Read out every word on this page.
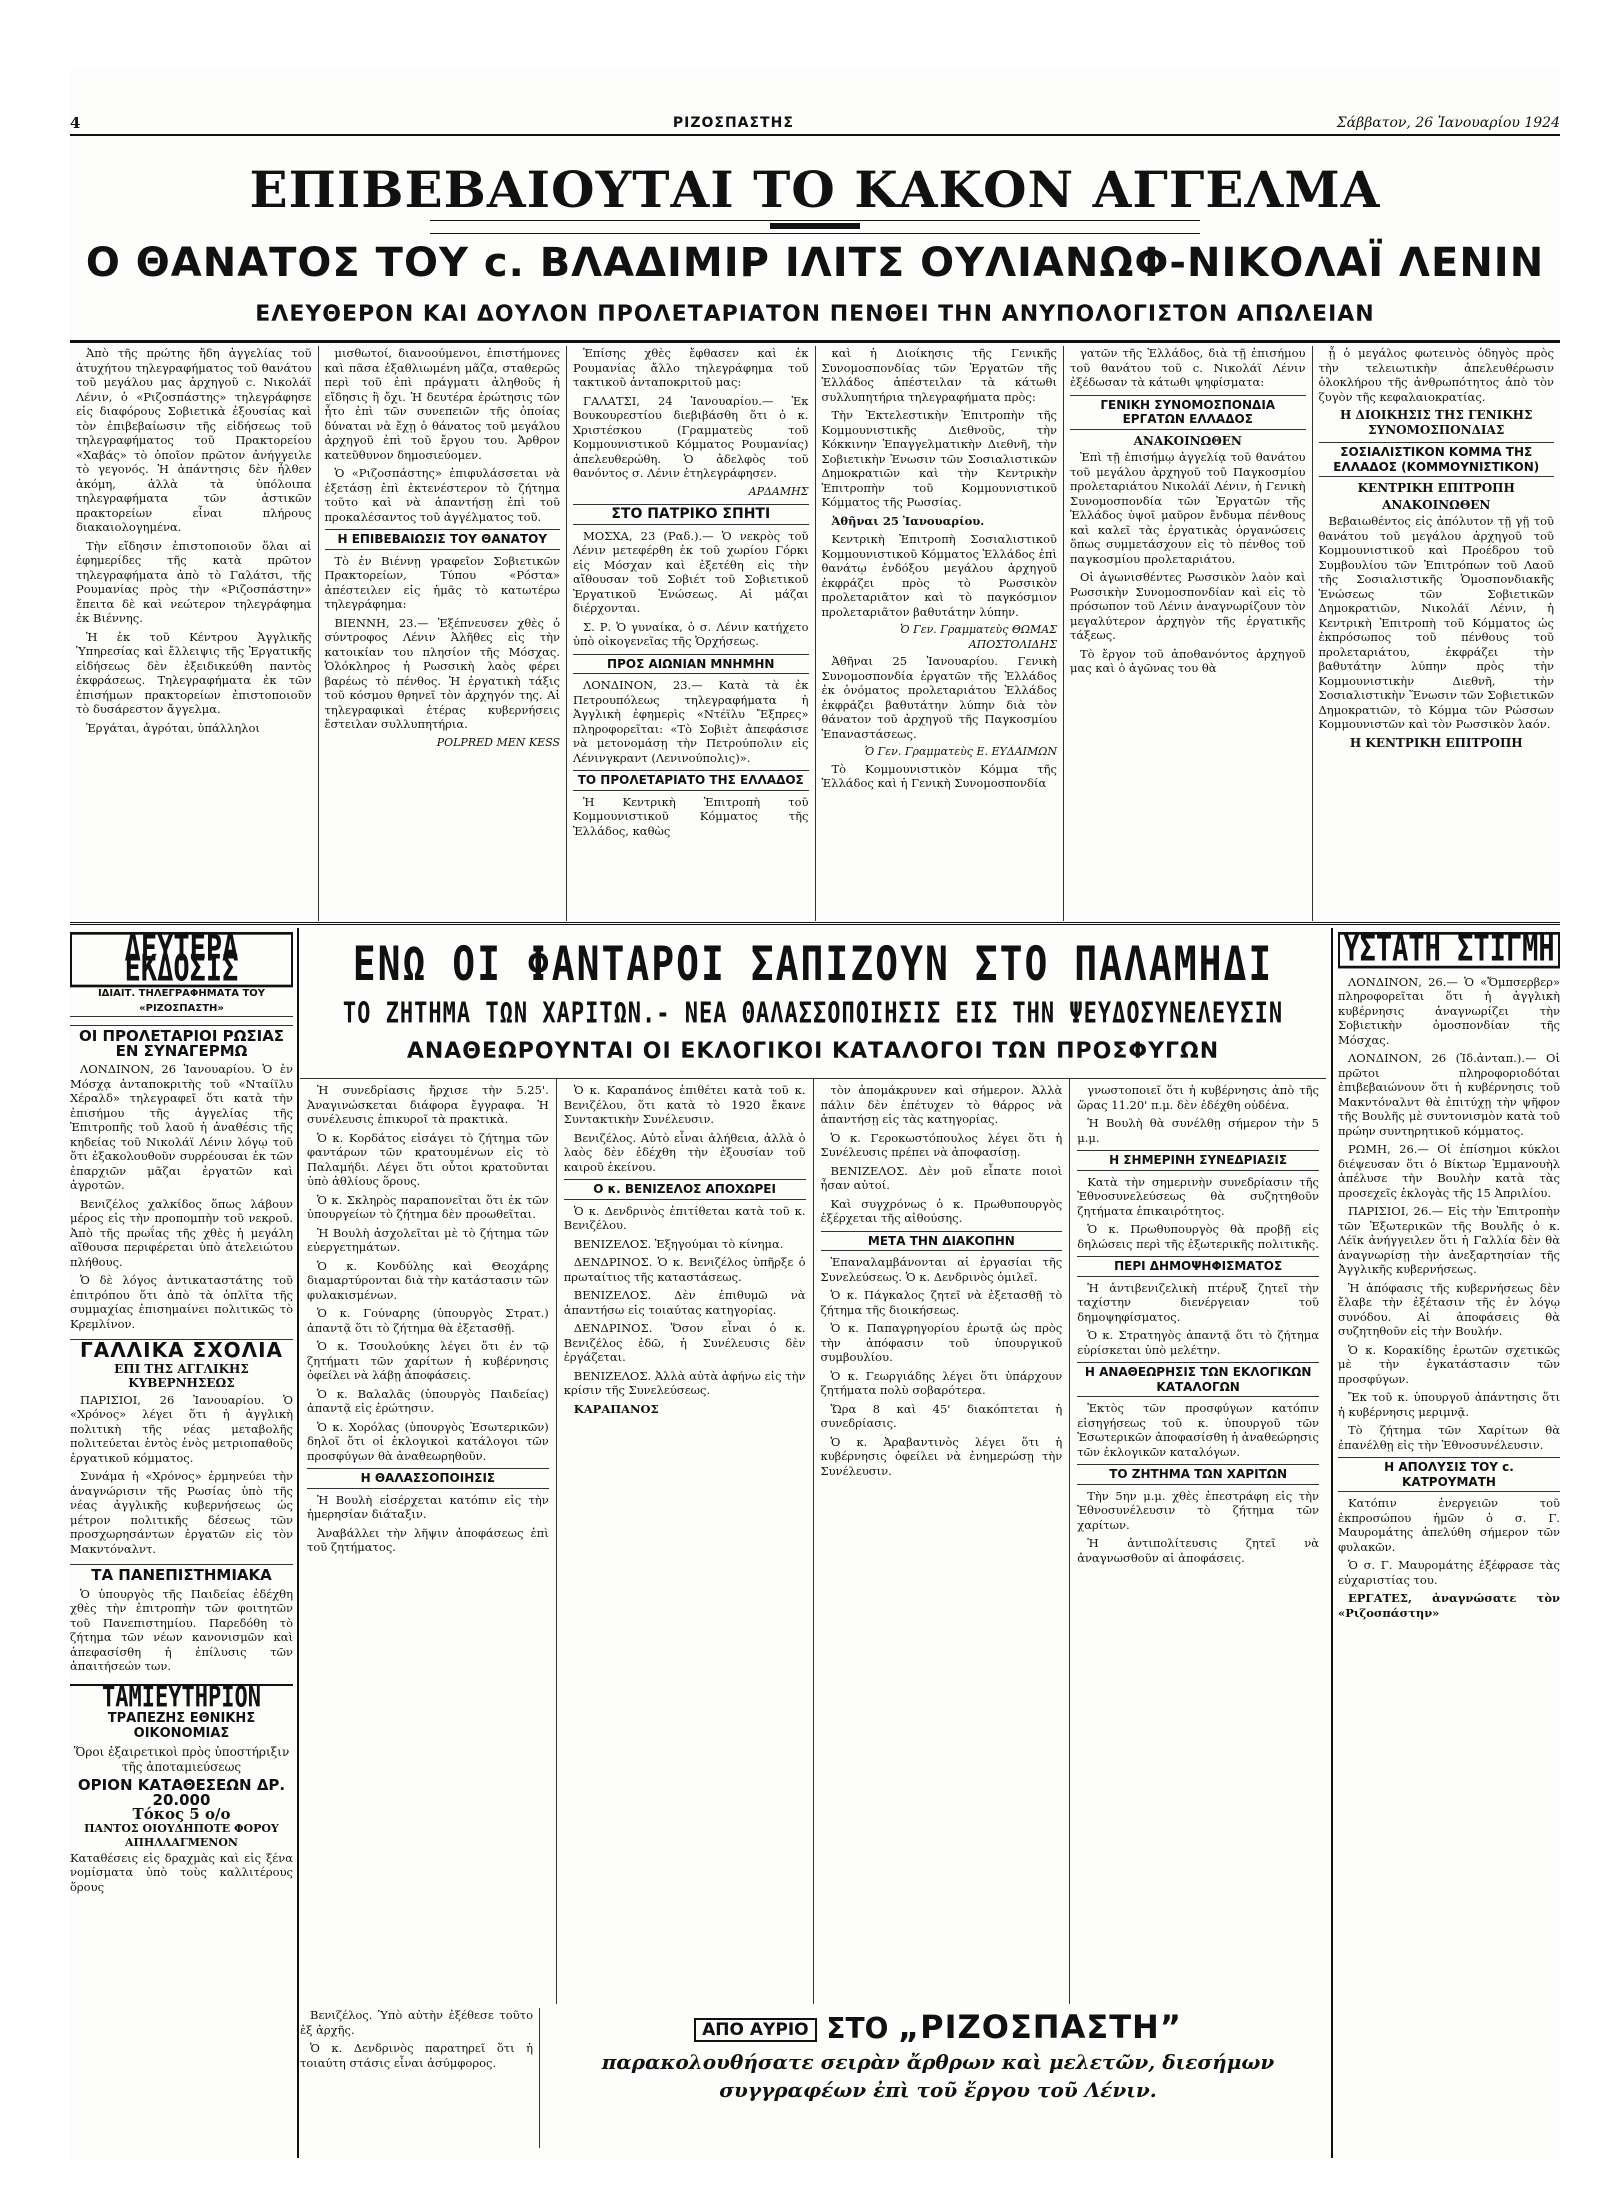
4	ΡΙΖΟΣΠΑΣΤΗΣ	Σάββατον, 26 Ἰανουαρίου 1924
ΕΠΙΒΕΒΑΙΟΥΤΑΙ ΤΟ ΚΑΚΟΝ ΑΓΓΕΛΜΑ
Ο ΘΑΝΑΤΟΣ ΤΟΥ ϲ. ΒΛΑΔΙΜΙΡ ΙΛΙΤΣ ΟΥΛΙΑΝΩΦ-ΝΙΚΟΛΑΪ ΛΕΝΙΝ
ΕΛΕΥΘΕΡΟΝ ΚΑΙ ΔΟΥΛΟΝ ΠΡΟΛΕΤΑΡΙΑΤΟΝ ΠΕΝΘΕΙ ΤΗΝ ΑΝΥΠΟΛΟΓΙΣΤΟΝ ΑΠΩΛΕΙΑΝ

Ἀπὸ τῆς πρώτης ἤδη ἀγγελίας τοῦ ἀτυχήτου τηλεγραφήματος τοῦ θανάτου τοῦ μεγάλου μας ἀρχηγοῦ ϲ. Νικολάϊ Λένιν, ὁ «Ριζοσπάστης» τηλεγράφησε εἰς διαφόρους Σοβιετικὰ ἐξουσίας καὶ τὸν ἐπιβεβαίωσιν τῆς εἰδήσεως τοῦ τηλεγραφήματος τοῦ Πρακτορείου «Χαβάς» τὸ ὁποῖον πρῶτον ἀνήγγειλε τὸ γεγονός. Ἡ ἀπάντησις δὲν ἦλθεν ἀκόμη, ἀλλὰ τὰ ὑπόλοιπα τηλεγραφήματα τῶν ἀστικῶν πρακτορείων εἶναι πλήρους διακαιολογημένα.

Τὴν εἴδησιν ἐπιστοποιοῦν ὅλαι αἱ ἐφημερίδες τῆς κατὰ πρῶτον τηλεγραφήματα ἀπὸ τὸ Γαλάτσι, τῆς Ρουμανίας πρὸς τὴν «Ριζοσπάστην» ἔπειτα δὲ καὶ νεώτερον τηλεγράφημα ἐκ Βιέννης.

Ἡ ἐκ τοῦ Κέντρου Ἀγγλικῆς Ὑπηρεσίας καὶ ἔλλειψις τῆς Ἐργατικῆς εἰδήσεως δὲν ἐξειδικεύθη παντὸς ἐκφράσεως. Τηλεγραφήματα ἐκ τῶν ἐπισήμων πρακτορείων ἐπιστοποιοῦν τὸ δυσάρεστον ἄγγελμα.

Ἐργάται, ἀγρόται, ὑπάλληλοι

μισθωτοί, διανοούμενοι, ἐπιστήμονες καὶ πᾶσα ἐξαθλιωμένη μᾶζα, σταθερῶς περὶ τοῦ ἐπὶ πράγματι ἀληθοῦς ἡ εἴδησις ἢ ὄχι. Ἡ δευτέρα ἐρώτησις τῶν ἦτο ἐπὶ τῶν συνεπειῶν τῆς ὁποίας δύναται νὰ ἔχῃ ὁ θάνατος τοῦ μεγάλου ἀρχηγοῦ ἐπὶ τοῦ ἔργου του. Ἀρθρον κατεῦθυνον δημοσιεύομεν.

Ὁ «Ριζοσπάστης» ἐπιφυλάσσεται νὰ ἐξετάσῃ ἐπὶ ἐκτενέστερον τὸ ζήτημα τοῦτο καὶ νὰ ἀπαντήσῃ ἐπὶ τοῦ προκαλέσαντος τοῦ ἀγγέλματος τοῦ.

Η ΕΠΙΒΕΒΑΙΩΣΙΣ ΤΟΥ ΘΑΝΑΤΟΥ

Τὸ ἐν Βιέννῃ γραφεῖον Σοβιετικῶν Πρακτορείων, Τύπου «Ρόστα» ἀπέστειλεν εἰς ἡμᾶς τὸ κατωτέρω τηλεγράφημα:

ΒΙΕΝΝΗ, 23.— Ἐξέπνευσεν χθὲς ὁ σύντροφος Λένιν Ἀλῆθες εἰς τὴν κατοικίαν του πλησίον τῆς Μόσχας. Ὁλόκληρος ἡ Ρωσσικὴ λαὸς φέρει βαρέως τὸ πένθος. Ἡ ἐργατικὴ τάξις τοῦ κόσμου θρηνεῖ τὸν ἀρχηγόν της. Αἱ τηλεγραφικαὶ ἐτέρας κυβερνήσεις ἔστειλαν συλλυπητήρια.

POLPRED MEN KESS

Ἐπίσης χθὲς ἔφθασεν καὶ ἐκ Ρουμανίας ἄλλο τηλεγράφημα τοῦ τακτικοῦ ἀνταποκριτοῦ μας:

ΓΑΛΑΤΣΙ, 24 Ἰανουαρίου.— Ἐκ Βουκουρεστίου διεβιβάσθη ὅτι ὁ κ. Χριστέσκου (Γραμματεὺς τοῦ Κομμουνιστικοῦ Κόμματος Ρουμανίας) ἀπελευθερώθη. Ὁ ἀδελφὸς τοῦ θανόντος σ. Λένιν ἐτηλεγράφησεν.

ΑΡΔΑΜΗΣ
ΣΤΟ ΠΑΤΡΙΚΟ ΣΠΗΤΙ

ΜΟΣΧΑ, 23 (Ραδ.).— Ὁ νεκρὸς τοῦ Λένιν μετεφέρθη ἐκ τοῦ χωρίου Γόρκι εἰς Μόσχαν καὶ ἐξετέθη εἰς τὴν αἴθουσαν τοῦ Σοβιέτ τοῦ Σοβιετικοῦ Ἐργατικοῦ Ἑνώσεως. Αἱ μάζαι διέρχονται.

Σ. Ρ. Ὁ γυναίκα, ὁ σ. Λένιν κατήχετο ὑπὸ οἰκογενεῖας τῆς Ὁρχήσεως.

ΠΡΟΣ ΑΙΩΝΙΑΝ ΜΝΗΜΗΝ

ΛΟΝΔΙΝΟΝ, 23.— Κατὰ τὰ ἐκ Πετρουπόλεως τηλεγραφήματα ἡ Ἀγγλικὴ ἐφημερὶς «Ντέϊλυ Ἔξπρες» πληροφορεῖται: «Τὸ Σοβιὲτ ἀπεφάσισε νὰ μετονομάσῃ τὴν Πετρούπολιν εἰς Λένινγκραντ (Λενινούπολις)».

ΤΟ ΠΡΟΛΕΤΑΡΙΑΤΟ ΤΗΣ ΕΛΛΑΔΟΣ

Ἡ Κεντρικὴ Ἐπιτροπὴ τοῦ Κομμουνιστικοῦ Κόμματος τῆς Ἑλλάδος, καθὼς

καὶ ἡ Διοίκησις τῆς Γενικῆς Συνομοσπονδίας τῶν Ἐργατῶν τῆς Ἑλλάδος ἀπέστειλαν τὰ κάτωθι συλλυπητήρια τηλεγραφήματα πρὸς:

Τὴν Ἐκτελεστικὴν Ἐπιτροπὴν τῆς Κομμουνιστικῆς Διεθνοῦς, τὴν Κόκκινην Ἐπαγγελματικὴν Διεθνῆ, τὴν Σοβιετικὴν Ἐνωσιν τῶν Σοσιαλιστικῶν Δημοκρατιῶν καὶ τὴν Κεντρικὴν Ἐπιτροπὴν τοῦ Κομμουνιστικοῦ Κόμματος τῆς Ρωσσίας.

Ἀθῆναι 25 Ἰανουαρίου.

Κεντρικὴ Ἐπιτροπὴ Σοσιαλιστικοῦ Κομμουνιστικοῦ Κόμματος Ἑλλάδος ἐπὶ θανάτῳ ἐνδόξου μεγάλου ἀρχηγοῦ ἐκφράζει πρὸς τὸ Ρωσσικὸν προλεταριᾶτον καὶ τὸ παγκόσμιον προλεταριᾶτον βαθυτάτην λύπην.

Ὁ Γεν. Γραμματεὺς ΘΩΜΑΣ ΑΠΟΣΤΟΛΙΔΗΣ

Ἀθῆναι 25 Ἰανουαρίου. Γενικὴ Συνομοσπονδία ἐργατῶν τῆς Ἑλλάδος ἐκ ὀνόματος προλεταριάτου Ἑλλάδος ἐκφράζει βαθυτάτην λύπην διὰ τὸν θάνατον τοῦ ἀρχηγοῦ τῆς Παγκοσμίου Ἐπαναστάσεως.

Ὁ Γεν. Γραμματεὺς Ε. ΕΥΔΑΙΜΩΝ

Τὸ Κομμουνιστικὸν Κόμμα τῆς Ἑλλάδος καὶ ἡ Γενικὴ Συνομοσπονδία

γατῶν τῆς Ἑλλάδος, διὰ τῇ ἐπισήμου τοῦ θανάτου τοῦ ϲ. Νικολάϊ Λένιν ἐξέδωσαν τὰ κάτωθι ψηφίσματα:

ΓΕΝΙΚΗ ΣΥΝΟΜΟΣΠΟΝΔΙΑ ΕΡΓΑΤΩΝ ΕΛΛΑΔΟΣ
ΑΝΑΚΟΙΝΩΘΕΝ

Ἐπὶ τῇ ἐπισήμῳ ἀγγελίᾳ τοῦ θανάτου τοῦ μεγάλου ἀρχηγοῦ τοῦ Παγκοσμίου προλεταριάτου Νικολάϊ Λένιν, ἡ Γενικὴ Συνομοσπονδία τῶν Ἐργατῶν τῆς Ἑλλάδος ὑψοῖ μαῦρον ἔνδυμα πένθους καὶ καλεῖ τὰς ἐργατικὰς ὀργανώσεις ὅπως συμμετάσχουν εἰς τὸ πένθος τοῦ παγκοσμίου προλεταριάτου.

Οἱ ἀγωνισθέντες Ρωσσικὸν λαὸν καὶ Ρωσσικὴν Συνομοσπονδίαν καὶ εἰς τὸ πρόσωπον τοῦ Λένιν ἀναγνωρίζουν τὸν μεγαλύτερον ἀρχηγὸν τῆς ἐργατικῆς τάξεως.

Τὸ ἔργον τοῦ ἀποθανόντος ἀρχηγοῦ μας καὶ ὁ ἀγῶνας του θὰ

ᾗ ὁ μεγάλος φωτεινὸς ὁδηγὸς πρὸς τὴν τελειωτικὴν ἀπελευθέρωσιν ὁλοκλήρου τῆς ἀνθρωπότητος ἀπὸ τὸν ζυγὸν τῆς κεφαλαιοκρατίας.

Η ΔΙΟΙΚΗΣΙΣ ΤΗΣ ΓΕΝΙΚΗΣ ΣΥΝΟΜΟΣΠΟΝΔΙΑΣ
ΣΟΣΙΑΛΙΣΤΙΚΟΝ ΚΟΜΜΑ ΤΗΣ ΕΛΛΑΔΟΣ (ΚΟΜΜΟΥΝΙΣΤΙΚΟΝ)
ΚΕΝΤΡΙΚΗ ΕΠΙΤΡΟΠΗ
ΑΝΑΚΟΙΝΩΘΕΝ

Βεβαιωθέντος εἰς ἀπόλυτον τῇ γῇ τοῦ θανάτου τοῦ μεγάλου ἀρχηγοῦ τοῦ Κομμουνιστικοῦ καὶ Προέδρου τοῦ Συμβουλίου τῶν Ἐπιτρόπων τοῦ Λαοῦ τῆς Σοσιαλιστικῆς Ὁμοσπονδιακῆς Ἑνώσεως τῶν Σοβιετικῶν Δημοκρατιῶν, Νικολάϊ Λένιν, ἡ Κεντρικὴ Ἐπιτροπὴ τοῦ Κόμματος ὡς ἐκπρόσωπος τοῦ πένθους τοῦ προλεταριάτου, ἐκφράζει τὴν βαθυτάτην λύπην πρὸς τὴν Κομμουνιστικὴν Διεθνῆ, τὴν Σοσιαλιστικὴν Ἕνωσιν τῶν Σοβιετικῶν Δημοκρατιῶν, τὸ Κόμμα τῶν Ρώσσων Κομμουνιστῶν καὶ τὸν Ρωσσικὸν λαόν.

Η ΚΕΝΤΡΙΚΗ ΕΠΙΤΡΟΠΗ
ΔΕΥΤΕΡΑ ΕΚΔΟΣΙΣ
ΙΔΙΑΙΤ. ΤΗΛΕΓΡΑΦΗΜΑΤΑ ΤΟΥ «ΡΙΖΟΣΠΑΣΤΗ»
ΟΙ ΠΡΟΛΕΤΑΡΙΟΙ ΡΩΣΙΑΣ ΕΝ ΣΥΝΑΓΕΡΜΩ

ΛΟΝΔΙΝΟΝ, 26 Ἰανουαρίου. Ὁ ἐν Μόσχᾳ ἀνταποκριτὴς τοῦ «Νταίϊλυ Χέραλδ» τηλεγραφεῖ ὅτι κατὰ τὴν ἐπισήμου τῆς ἀγγελίας τῆς Ἐπιτροπῆς τοῦ λαοῦ ἡ ἀναθέσις τῆς κηδείας τοῦ Νικολάϊ Λένιν λόγῳ τοῦ ὅτι ἐξακολουθοῦν συρρέουσαι ἐκ τῶν ἐπαρχιῶν μᾶζαι ἐργατῶν καὶ ἀγροτῶν.

Βενιζέλος χαλκίδος ὅπως λάβουν μέρος εἰς τὴν προπομπὴν τοῦ νεκροῦ. Ἀπὸ τῆς πρωΐας τῆς χθὲς ἡ μεγάλη αἴθουσα περιφέρεται ὑπὸ ἀτελειώτου πλήθους.

Ὁ δὲ λόγος ἀντικαταστάτης τοῦ ἐπιτρόπου ὅτι ἀπὸ τὰ ὁπλῖτα τῆς συμμαχίας ἐπισημαίνει πολιτικῶς τὸ Κρεμλίνον.

ΓΑΛΛΙΚΑ ΣΧΟΛΙΑ
ΕΠΙ ΤΗΣ ΑΓΓΛΙΚΗΣ ΚΥΒΕΡΝΗΣΕΩΣ

ΠΑΡΙΣΙΟΙ, 26 Ἰανουαρίου. Ὁ «Χρόνος» λέγει ὅτι ἡ ἀγγλικὴ πολιτικὴ τῆς νέας μεταβολῆς πολιτεύεται ἐντὸς ἑνὸς μετριοπαθοῦς ἐργατικοῦ κόμματος.

Συνάμα ἡ «Χρόνος» ἐρμηνεύει τὴν ἀναγνώρισιν τῆς Ρωσίας ὑπὸ τῆς νέας ἀγγλικῆς κυβερνήσεως ὡς μέτρον πολιτικῆς δέσεως τῶν προσχωρησάντων ἐργατῶν εἰς τὸν Μακντόναλντ.

ΤΑ ΠΑΝΕΠΙΣΤΗΜΙΑΚΑ

Ὁ ὑπουργὸς τῆς Παιδείας ἐδέχθη χθὲς τὴν ἐπιτροπὴν τῶν φοιτητῶν τοῦ Πανεπιστημίου. Παρεδόθη τὸ ζήτημα τῶν νέων κανονισμῶν καὶ ἀπεφασίσθη ἡ ἐπίλυσις τῶν ἀπαιτήσεών των.

ΤΑΜΙΕΥΤΗΡΙΟΝ
ΤΡΑΠΕΖΗΣ ΕΘΝΙΚΗΣ ΟΙΚΟΝΟΜΙΑΣ
Ὅροι ἐξαιρετικοὶ πρὸς ὑποστήριξιν τῆς ἀποταμιεύσεως
ΟΡΙΟΝ ΚΑΤΑΘΕΣΕΩΝ ΔΡ. 20.000
Τόκος 5 ο/ο
ΠΑΝΤΟΣ ΟΙΟΥΔΗΠΟΤΕ ΦΟΡΟΥ ΑΠΗΛΛΑΓΜΕΝΟΝ
Καταθέσεις εἰς δραχμὰς καὶ εἰς ξένα νομίσματα ὑπὸ τοὺς καλλιτέρους ὅρους
ΕΝΩ ΟΙ ΦΑΝΤΑΡΟΙ ΣΑΠΙΖΟΥΝ ΣΤΟ ΠΑΛΑΜΗΔΙ
ΤΟ ΖΗΤΗΜΑ ΤΩΝ ΧΑΡΙΤΩΝ.- ΝΕΑ ΘΑΛΑΣΣΟΠΟΙΗΣΙΣ ΕΙΣ ΤΗΝ ΨΕΥΔΟΣΥΝΕΛΕΥΣΙΝ
ΑΝΑΘΕΩΡΟΥΝΤΑΙ ΟΙ ΕΚΛΟΓΙΚΟΙ ΚΑΤΑΛΟΓΟΙ ΤΩΝ ΠΡΟΣΦΥΓΩΝ

Ἡ συνεδρίασις ἤρχισε τὴν 5.25'. Ἀναγινώσκεται διάφορα ἔγγραφα. Ἡ συνέλευσις ἐπικυροῖ τὰ πρακτικὰ.

Ὁ κ. Κορδάτος εἰσάγει τὸ ζήτημα τῶν φαντάρων τῶν κρατουμένων εἰς τὸ Παλαμήδι. Λέγει ὅτι οὗτοι κρατοῦνται ὑπὸ ἀθλίους ὅρους.

Ὁ κ. Σκληρὸς παραπονεῖται ὅτι ἐκ τῶν ὑπουργείων τὸ ζήτημα δὲν προωθεῖται.

Ἡ Βουλὴ ἀσχολεῖται μὲ τὸ ζήτημα τῶν εὐεργετημάτων.

Ὁ κ. Κονδύλης καὶ Θεοχάρης διαμαρτύρονται διὰ τὴν κατάστασιν τῶν φυλακισμένων.

Ὁ κ. Γούναρης (ὑπουργὸς Στρατ.) ἀπαντᾷ ὅτι τὸ ζήτημα θὰ ἐξετασθῇ.

Ὁ κ. Τσουλούκης λέγει ὅτι ἐν τῷ ζητήματι τῶν χαρίτων ἡ κυβέρνησις ὀφείλει νὰ λάβῃ ἀποφάσεις.

Ὁ κ. Βαλαλᾶς (ὑπουργὸς Παιδείας) ἀπαντᾷ εἰς ἐρώτησιν.

Ὁ κ. Χορόλας (ὑπουργὸς Ἐσωτερικῶν) δηλοῖ ὅτι οἱ ἐκλογικοὶ κατάλογοι τῶν προσφύγων θὰ ἀναθεωρηθοῦν.

Η ΘΑΛΑΣΣΟΠΟΙΗΣΙΣ

Ἡ Βουλὴ εἰσέρχεται κατόπιν εἰς τὴν ἡμερησίαν διάταξιν.

Ἀναβάλλει τὴν λῆψιν ἀποφάσεως ἐπὶ τοῦ ζητήματος.

Ὁ κ. Καραπάνος ἐπιθέτει κατὰ τοῦ κ. Βενιζέλου, ὅτι κατὰ τὸ 1920 ἔκανε Συντακτικὴν Συνέλευσιν.

Βενιζέλος. Αὐτὸ εἶναι ἀλήθεια, ἀλλὰ ὁ λαὸς δὲν ἐδέχθη τὴν ἐξουσίαν τοῦ καιροῦ ἐκείνου.

Ο κ. ΒΕΝΙΖΕΛΟΣ ΑΠΟΧΩΡΕΙ

Ὁ κ. Δενδρινὸς ἐπιτίθεται κατὰ τοῦ κ. Βενιζέλου.

ΒΕΝΙΖΕΛΟΣ. Ἐξηγούμαι τὸ κίνημα.

ΔΕΝΔΡΙΝΟΣ. Ὁ κ. Βενιζέλος ὑπῆρξε ὁ πρωταίτιος τῆς καταστάσεως.

ΒΕΝΙΖΕΛΟΣ. Δὲν ἐπιθυμῶ νὰ ἀπαντήσω εἰς τοιαύτας κατηγορίας.

ΔΕΝΔΡΙΝΟΣ. Ὅσον εἶναι ὁ κ. Βενιζέλος ἐδῶ, ἡ Συνέλευσις δὲν ἐργάζεται.

ΒΕΝΙΖΕΛΟΣ. Ἀλλὰ αὐτὰ ἀφήνω εἰς τὴν κρίσιν τῆς Συνελεύσεως.

ΚΑΡΑΠΑΝΟΣ

τὸν ἀπομάκρυνεν καὶ σήμερον. Ἀλλὰ πάλιν δὲν ἐπέτυχεν τὸ θάρρος νὰ ἀπαντήσῃ εἰς τὰς κατηγορίας.

Ὁ κ. Γεροκωστόπουλος λέγει ὅτι ἡ Συνέλευσις πρέπει νὰ ἀποφασίσῃ.

ΒΕΝΙΖΕΛΟΣ. Δὲν μοῦ εἶπατε ποιοὶ ἦσαν αὐτοί.

Καὶ συγχρόνως ὁ κ. Πρωθυπουργὸς ἐξέρχεται τῆς αἰθούσης.

ΜΕΤΑ ΤΗΝ ΔΙΑΚΟΠΗΝ

Ἐπαναλαμβάνονται αἱ ἐργασίαι τῆς Συνελεύσεως. Ὁ κ. Δενδρινὸς ὁμιλεῖ.

Ὁ κ. Πάγκαλος ζητεῖ νὰ ἐξετασθῇ τὸ ζήτημα τῆς διοικήσεως.

Ὁ κ. Παπαγρηγορίου ἐρωτᾷ ὡς πρὸς τὴν ἀπόφασιν τοῦ ὑπουργικοῦ συμβουλίου.

Ὁ κ. Γεωργιάδης λέγει ὅτι ὑπάρχουν ζητήματα πολὺ σοβαρότερα.

Ὥρα 8 καὶ 45' διακόπτεται ἡ συνεδρίασις.

Ὁ κ. Ἀραβαντινὸς λέγει ὅτι ἡ κυβέρνησις ὀφείλει νὰ ἐνημερώσῃ τὴν Συνέλευσιν.

γνωστοποιεῖ ὅτι ἡ κυβέρνησις ἀπὸ τῆς ὥρας 11.20' π.μ. δὲν ἐδέχθη οὐδένα.

Ἡ Βουλὴ θὰ συνέλθῃ σήμερον τὴν 5 μ.μ.

Η ΣΗΜΕΡΙΝΗ ΣΥΝΕΔΡΙΑΣΙΣ

Κατὰ τὴν σημερινὴν συνεδρίασιν τῆς Ἐθνοσυνελεύσεως θὰ συζητηθοῦν ζητήματα ἐπικαιρότητος.

Ὁ κ. Πρωθυπουργὸς θὰ προβῇ εἰς δηλώσεις περὶ τῆς ἐξωτερικῆς πολιτικῆς.

ΠΕΡΙ ΔΗΜΟΨΗΦΙΣΜΑΤΟΣ

Ἡ ἀντιβενιζελικὴ πτέρυξ ζητεῖ τὴν ταχίστην διενέργειαν τοῦ δημοψηφίσματος.

Ὁ κ. Στρατηγὸς ἀπαντᾷ ὅτι τὸ ζήτημα εὑρίσκεται ὑπὸ μελέτην.

Η ΑΝΑΘΕΩΡΗΣΙΣ ΤΩΝ ΕΚΛΟΓΙΚΩΝ ΚΑΤΑΛΟΓΩΝ

Ἐκτὸς τῶν προσφύγων κατόπιν εἰσηγήσεως τοῦ κ. ὑπουργοῦ τῶν Ἐσωτερικῶν ἀποφασίσθη ἡ ἀναθεώρησις τῶν ἐκλογικῶν καταλόγων.

ΤΟ ΖΗΤΗΜΑ ΤΩΝ ΧΑΡΙΤΩΝ

Τὴν 5ην μ.μ. χθὲς ἐπεστράφη εἰς τὴν Ἐθνοσυνέλευσιν τὸ ζήτημα τῶν χαρίτων.

Ἡ ἀντιπολίτευσις ζητεῖ νὰ ἀναγνωσθοῦν αἱ ἀποφάσεις.

Βενιζέλος. Ὑπὸ αὐτὴν ἐξέθεσε τοῦτο ἐξ ἀρχῆς.

Ὁ κ. Δενδρινὸς παρατηρεῖ ὅτι ἡ τοιαύτη στάσις εἶναι ἀσύμφορος.

ΑΠΟ ΑΥΡΙΟ ΣΤΟ „ΡΙΖΟΣΠΑΣΤΗ”
παρακολουθήσατε σειρὰν ἄρθρων καὶ μελετῶν, διεσήμων
συγγραφέων ἐπὶ τοῦ ἔργου τοῦ Λένιν.
ΥΣΤΑΤΗ ΣΤΙΓΜΗ

ΛΟΝΔΙΝΟΝ, 26.— Ὁ «Ὄμπσερβερ» πληροφορεῖται ὅτι ἡ ἀγγλικὴ κυβέρνησις ἀναγνωρίζει τὴν Σοβιετικὴν ὁμοσπονδίαν τῆς Μόσχας.

ΛΟΝΔΙΝΟΝ, 26 (Ἰδ.ἀνταπ.).— Οἱ πρῶτοι πληροφοριοδόται ἐπιβεβαιώνουν ὅτι ἡ κυβέρνησις τοῦ Μακντόναλντ θὰ ἐπιτύχῃ τὴν ψῆφον τῆς Βουλῆς μὲ συντονισμὸν κατὰ τοῦ πρώην συντηρητικοῦ κόμματος.

ΡΩΜΗ, 26.— Οἱ ἐπίσημοι κύκλοι διέψευσαν ὅτι ὁ Βίκτωρ Ἐμμανουὴλ ἀπέλυσε τὴν Βουλὴν κατὰ τὰς προσεχεῖς ἐκλογὰς τῆς 15 Ἀπριλίου.

ΠΑΡΙΣΙΟΙ, 26.— Εἰς τὴν Ἐπιτροπὴν τῶν Ἐξωτερικῶν τῆς Βουλῆς ὁ κ. Λέϊκ ἀνήγγειλεν ὅτι ἡ Γαλλία δὲν θὰ ἀναγνωρίσῃ τὴν ἀνεξαρτησίαν τῆς Ἀγγλικῆς κυβερνήσεως.

Ἡ ἀπόφασις τῆς κυβερνήσεως δὲν ἔλαβε τὴν ἐξέτασιν τῆς ἐν λόγῳ συνόδου. Αἱ ἀποφάσεις θὰ συζητηθοῦν εἰς τὴν Βουλήν.

Ὁ κ. Κορακίδης ἐρωτῶν σχετικῶς μὲ τὴν ἐγκατάστασιν τῶν προσφύγων.

Ἔκ τοῦ κ. ὑπουργοῦ ἀπάντησις ὅτι ἡ κυβέρνησις μεριμνᾷ.

Τὸ ζήτημα τῶν Χαρίτων θὰ ἐπανέλθῃ εἰς τὴν Ἐθνοσυνέλευσιν.

Η ΑΠΟΛΥΣΙΣ ΤΟΥ ϲ. ΚΑΤΡΟΥΜΑΤΗ

Κατόπιν ἐνεργειῶν τοῦ ἐκπροσώπου ἡμῶν ὁ σ. Γ. Μαυρομάτης ἀπελύθη σήμερον τῶν φυλακῶν.

Ὁ σ. Γ. Μαυρομάτης ἐξέφρασε τὰς εὐχαριστίας του.

ΕΡΓΑΤΕΣ, ἀναγνώσατε τὸν «Ριζοσπάστην»
